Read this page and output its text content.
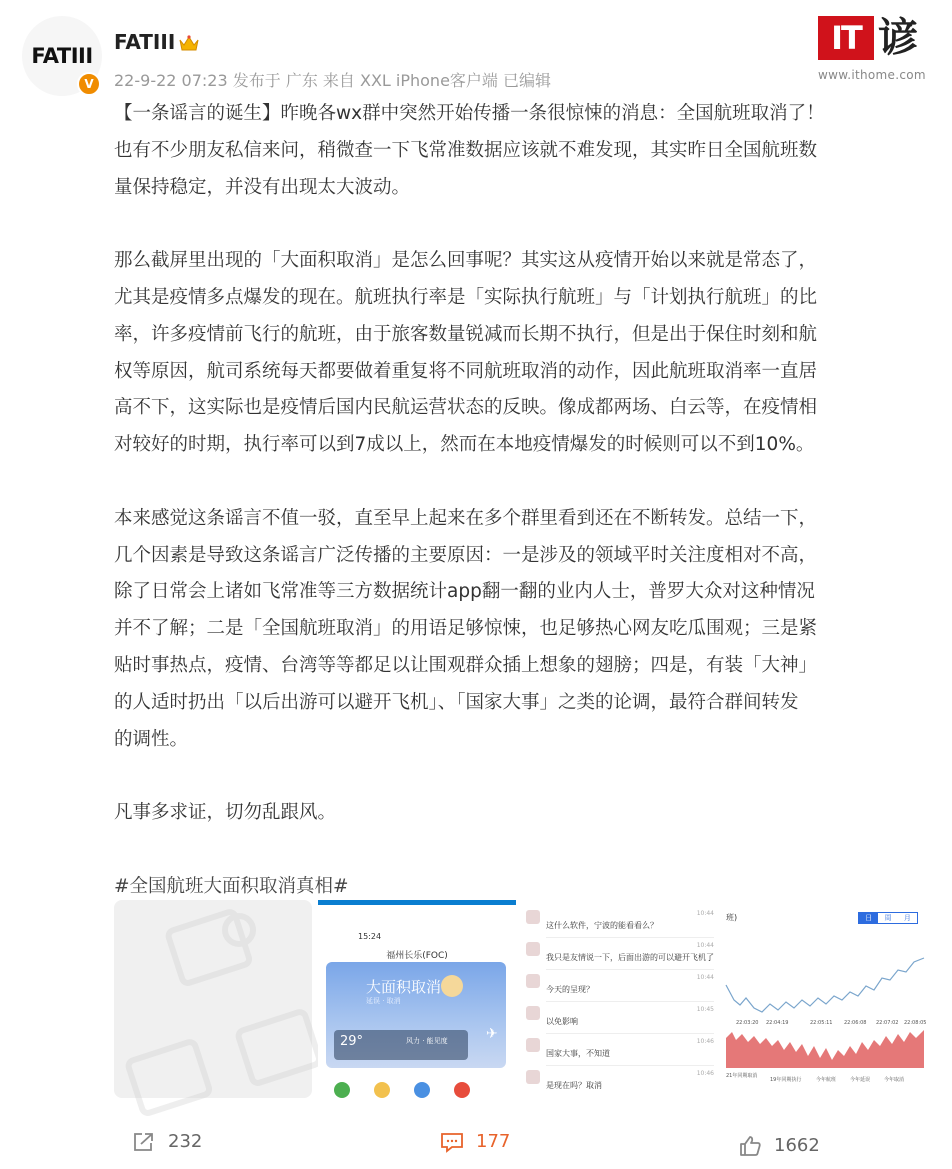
FATIII
V
FATIII
22-9-22 07:23 发布于 广东 来自 XXL iPhone客户端 已编辑
IT 谚
www.ithome.com

【一条谣言的诞生】昨晚各wx群中突然开始传播一条很惊悚的消息：全国航班取消了！
也有不少朋友私信来问，稍微查一下飞常准数据应该就不难发现，其实昨日全国航班数
量保持稳定，并没有出现太大波动。

那么截屏里出现的「大面积取消」是怎么回事呢？其实这从疫情开始以来就是常态了，
尤其是疫情多点爆发的现在。航班执行率是「实际执行航班」与「计划执行航班」的比
率，许多疫情前飞行的航班，由于旅客数量锐减而长期不执行，但是出于保住时刻和航
权等原因，航司系统每天都要做着重复将不同航班取消的动作，因此航班取消率一直居
高不下，这实际也是疫情后国内民航运营状态的反映。像成都两场、白云等，在疫情相
对较好的时期，执行率可以到7成以上，然而在本地疫情爆发的时候则可以不到10%。

本来感觉这条谣言不值一驳，直至早上起来在多个群里看到还在不断转发。总结一下，
几个因素是导致这条谣言广泛传播的主要原因：一是涉及的领域平时关注度相对不高，
除了日常会上诸如飞常准等三方数据统计app翻一翻的业内人士，普罗大众对这种情况
并不了解；二是「全国航班取消」的用语足够惊悚，也足够热心网友吃瓜围观；三是紧
贴时事热点，疫情、台湾等等都足以让围观群众插上想象的翅膀；四是，有装「大神」
的人适时扔出「以后出游可以避开飞机」、「国家大事」之类的论调，最符合群间转发
的调性。

凡事多求证，切勿乱跟风。

#全国航班大面积取消真相#

15:24
福州长乐(FOC)
大面积取消
延误 · 取消
✈
29°	风力 · 能见度
这什么软件，宁波的能看看么？
10:44
我只是友情说一下，后面出游的可以避开飞机了
10:44
今天的呈现？
10:44
以免影响
10:45
国家大事，不知道
10:46
是现在吗？取消
10:46
班)	日	周	月
22:03:20 22:04:19	22:05:11 22:06:08 22:07:02 22:08:05
21年同期取消
19年同期执行	今年航班	今年延误	今年取消
232	177	1662
